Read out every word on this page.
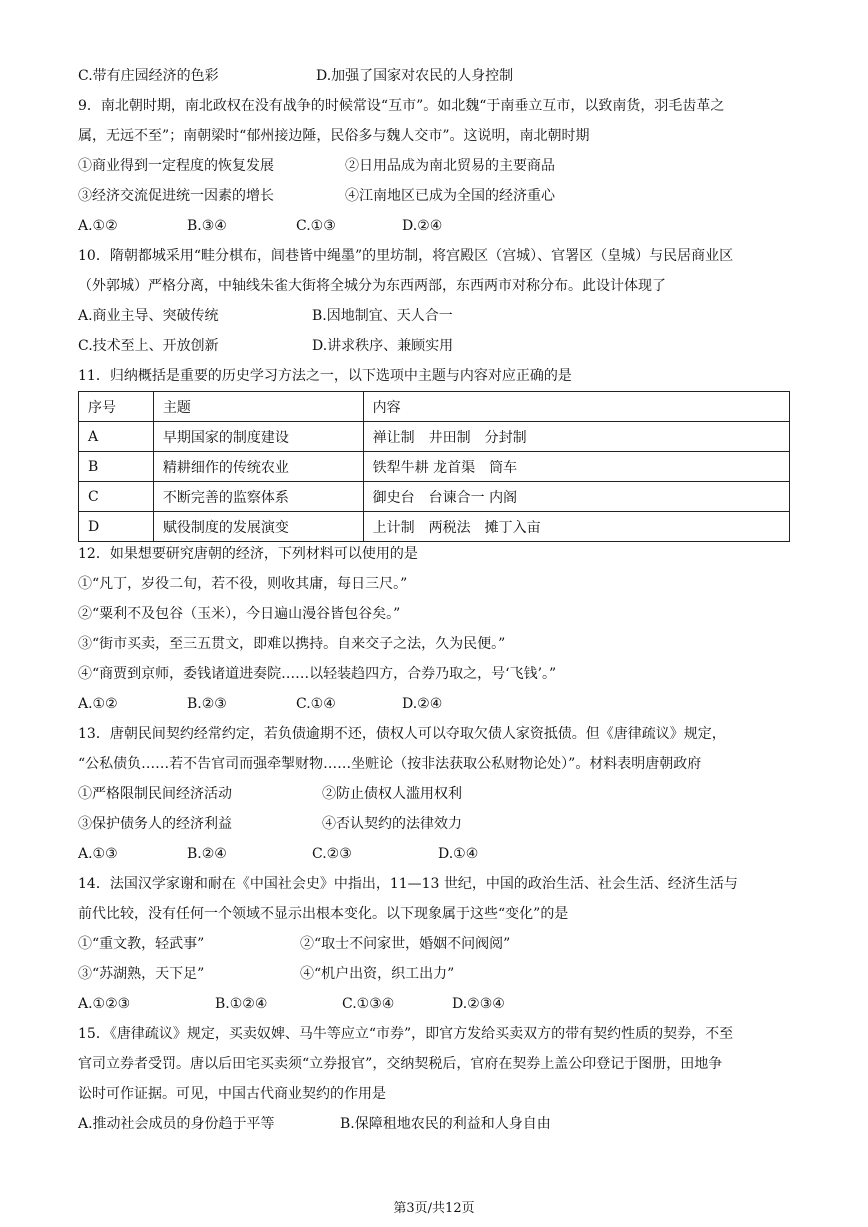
C.带有庄园经济的色彩	D.加强了国家对农民的人身控制
9．南北朝时期，南北政权在没有战争的时候常设“互市”。如北魏“于南垂立互市，以致南货，羽毛齿革之
属，无远不至”；南朝梁时“郁州接边陲，民俗多与魏人交市”。这说明，南北朝时期
①商业得到一定程度的恢复发展	②日用品成为南北贸易的主要商品
③经济交流促进统一因素的增长	④江南地区已成为全国的经济重心
A.①②	B.③④	C.①③	D.②④
10．隋朝都城采用“畦分棋布，闾巷皆中绳墨”的里坊制，将宫殿区（宫城）、官署区（皇城）与民居商业区
（外郭城）严格分离，中轴线朱雀大街将全城分为东西两部，东西两市对称分布。此设计体现了
A.商业主导、突破传统	B.因地制宜、天人合一
C.技术至上、开放创新	D.讲求秩序、兼顾实用
11．归纳概括是重要的历史学习方法之一，以下选项中主题与内容对应正确的是
序号	主题	内容
A	早期国家的制度建设	禅让制　井田制　分封制
B	精耕细作的传统农业	铁犁牛耕 龙首渠　筒车
C	不断完善的监察体系	御史台　台谏合一 内阁
D	赋役制度的发展演变	上计制　两税法　摊丁入亩
12．如果想要研究唐朝的经济，下列材料可以使用的是
①“凡丁，岁役二旬，若不役，则收其庸，每日三尺。”
②“粟利不及包谷（玉米），今日遍山漫谷皆包谷矣。”
③“街市买卖，至三五贯文，即难以携持。自来交子之法，久为民便。”
④“商贾到京师，委钱诸道进奏院……以轻装趋四方，合券乃取之，号‘飞钱’。”
A.①②	B.②③	C.①④	D.②④
13．唐朝民间契约经常约定，若负债逾期不还，债权人可以夺取欠债人家资抵债。但《唐律疏议》规定，
“公私债负……若不告官司而强牵掣财物……坐赃论（按非法获取公私财物论处）”。材料表明唐朝政府
①严格限制民间经济活动	②防止债权人滥用权利
③保护债务人的经济利益	④否认契约的法律效力
A.①③	B.②④	C.②③	D.①④
14．法国汉学家谢和耐在《中国社会史》中指出，11—13 世纪，中国的政治生活、社会生活、经济生活与
前代比较，没有任何一个领域不显示出根本变化。以下现象属于这些“变化”的是
①“重文教，轻武事”	②“取士不问家世，婚姻不问阀阅”
③“苏湖熟，天下足”	④“机户出资，织工出力”
A.①②③	B.①②④	C.①③④	D.②③④
15．《唐律疏议》规定，买卖奴婢、马牛等应立“市券”，即官方发给买卖双方的带有契约性质的契券，不至
官司立券者受罚。唐以后田宅买卖须“立券报官”，交纳契税后，官府在契券上盖公印登记于图册，田地争
讼时可作证据。可见，中国古代商业契约的作用是
A.推动社会成员的身份趋于平等	B.保障租地农民的利益和人身自由
第3页/共12页
